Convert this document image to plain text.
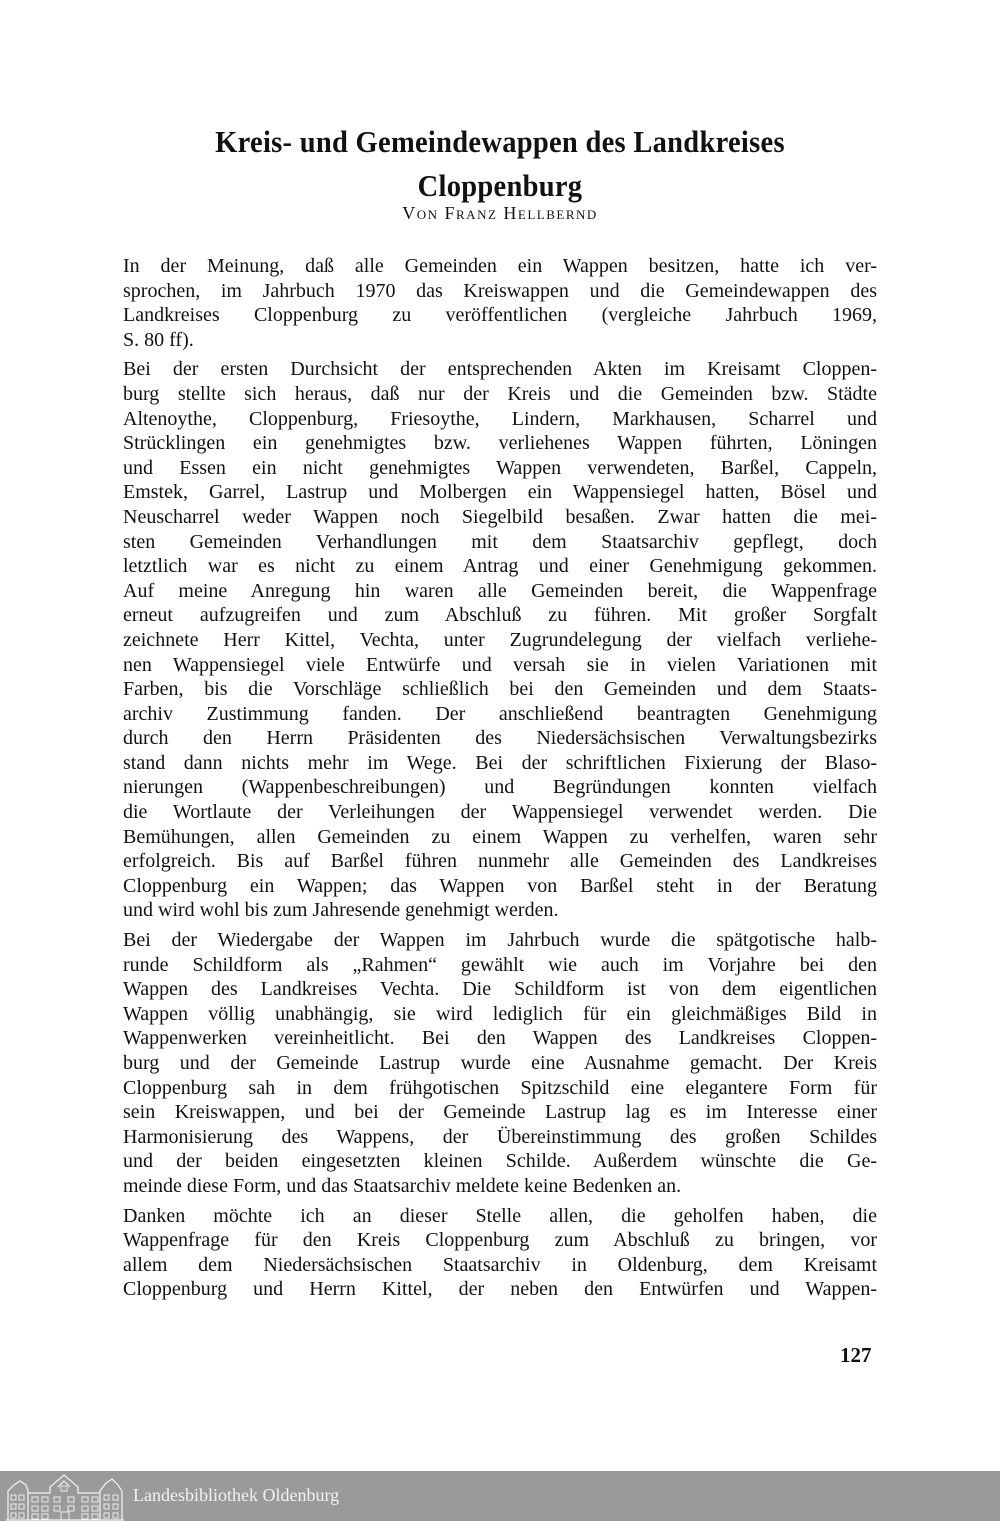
Kreis- und Gemeindewappen des Landkreises
Cloppenburg
Von Franz Hellbernd

In der Meinung, daß alle Gemeinden ein Wappen besitzen, hatte ich ver-
sprochen, im Jahrbuch 1970 das Kreiswappen und die Gemeindewappen des
Landkreises Cloppenburg zu veröffentlichen (vergleiche Jahrbuch 1969,
S. 80 ff).

Bei der ersten Durchsicht der entsprechenden Akten im Kreisamt Cloppen-
burg stellte sich heraus, daß nur der Kreis und die Gemeinden bzw. Städte
Altenoythe, Cloppenburg, Friesoythe, Lindern, Markhausen, Scharrel und
Strücklingen ein genehmigtes bzw. verliehenes Wappen führten, Löningen
und Essen ein nicht genehmigtes Wappen verwendeten, Barßel, Cappeln,
Emstek, Garrel, Lastrup und Molbergen ein Wappensiegel hatten, Bösel und
Neuscharrel weder Wappen noch Siegelbild besaßen. Zwar hatten die mei-
sten Gemeinden Verhandlungen mit dem Staatsarchiv gepflegt, doch
letztlich war es nicht zu einem Antrag und einer Genehmigung gekommen.
Auf meine Anregung hin waren alle Gemeinden bereit, die Wappenfrage
erneut aufzugreifen und zum Abschluß zu führen. Mit großer Sorgfalt
zeichnete Herr Kittel, Vechta, unter Zugrundelegung der vielfach verliehe-
nen Wappensiegel viele Entwürfe und versah sie in vielen Variationen mit
Farben, bis die Vorschläge schließlich bei den Gemeinden und dem Staats-
archiv Zustimmung fanden. Der anschließend beantragten Genehmigung
durch den Herrn Präsidenten des Niedersächsischen Verwaltungsbezirks
stand dann nichts mehr im Wege. Bei der schriftlichen Fixierung der Blaso-
nierungen (Wappenbeschreibungen) und Begründungen konnten vielfach
die Wortlaute der Verleihungen der Wappensiegel verwendet werden. Die
Bemühungen, allen Gemeinden zu einem Wappen zu verhelfen, waren sehr
erfolgreich. Bis auf Barßel führen nunmehr alle Gemeinden des Landkreises
Cloppenburg ein Wappen; das Wappen von Barßel steht in der Beratung
und wird wohl bis zum Jahresende genehmigt werden.

Bei der Wiedergabe der Wappen im Jahrbuch wurde die spätgotische halb-
runde Schildform als „Rahmen“ gewählt wie auch im Vorjahre bei den
Wappen des Landkreises Vechta. Die Schildform ist von dem eigentlichen
Wappen völlig unabhängig, sie wird lediglich für ein gleichmäßiges Bild in
Wappenwerken vereinheitlicht. Bei den Wappen des Landkreises Cloppen-
burg und der Gemeinde Lastrup wurde eine Ausnahme gemacht. Der Kreis
Cloppenburg sah in dem frühgotischen Spitzschild eine elegantere Form für
sein Kreiswappen, und bei der Gemeinde Lastrup lag es im Interesse einer
Harmonisierung des Wappens, der Übereinstimmung des großen Schildes
und der beiden eingesetzten kleinen Schilde. Außerdem wünschte die Ge-
meinde diese Form, und das Staatsarchiv meldete keine Bedenken an.

Danken möchte ich an dieser Stelle allen, die geholfen haben, die
Wappenfrage für den Kreis Cloppenburg zum Abschluß zu bringen, vor
allem dem Niedersächsischen Staatsarchiv in Oldenburg, dem Kreisamt
Cloppenburg und Herrn Kittel, der neben den Entwürfen und Wappen-

127
Landesbibliothek Oldenburg
